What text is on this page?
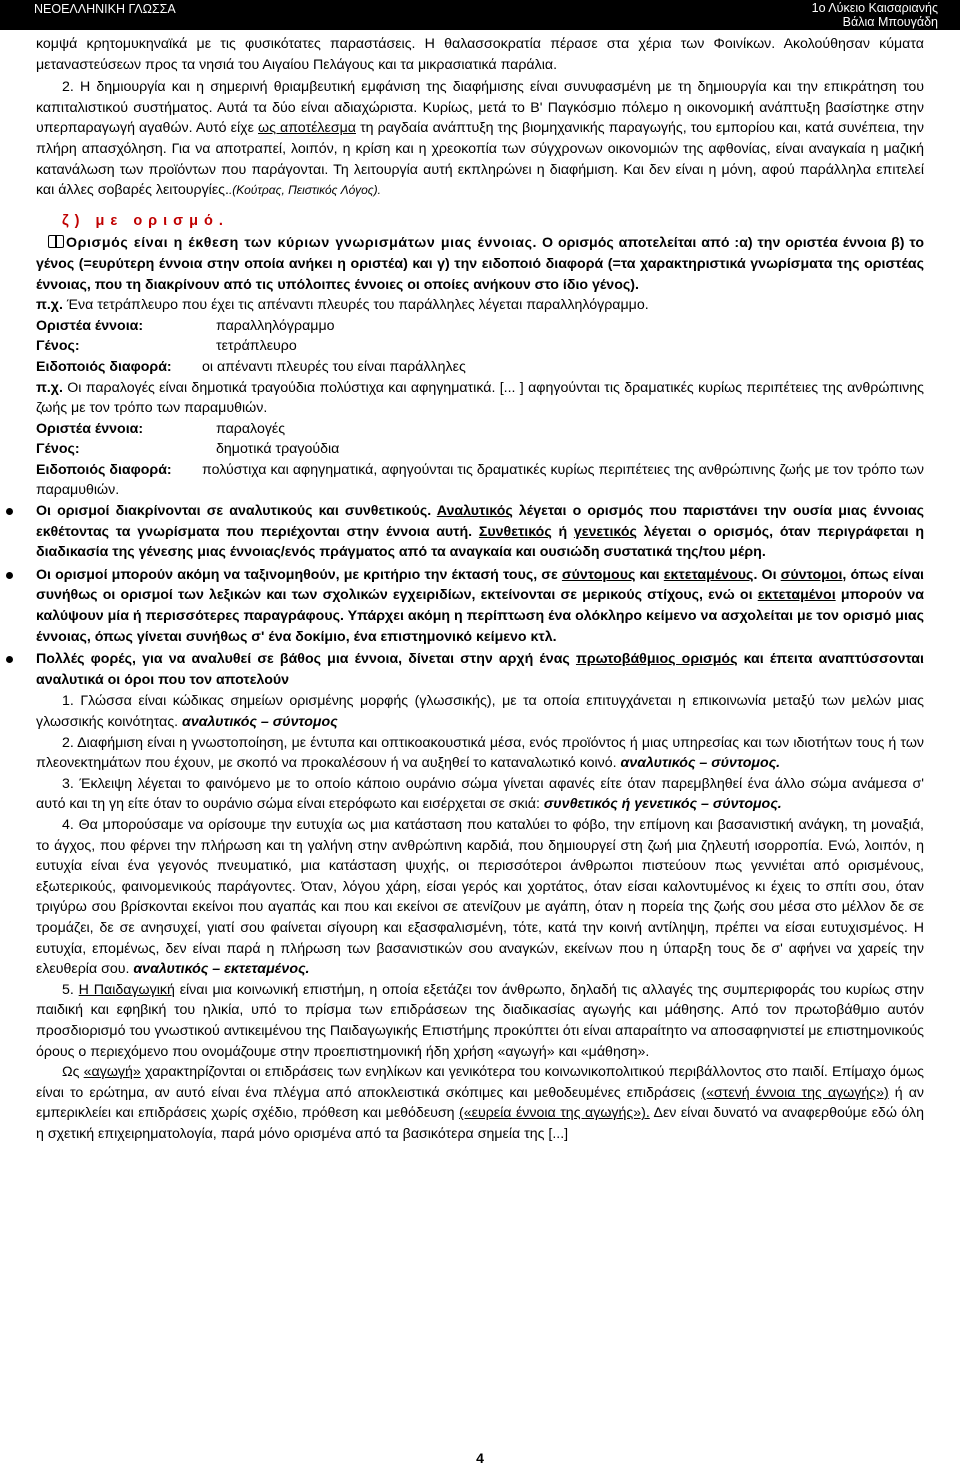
ΝΕΟΕΛΛΗΝΙΚΗ ΓΛΩΣΣΑ	1ο Λύκειο Καισαριανής
Βάλια Μπουγάδη

κομψά κρητομυκηναϊκά με τις φυσικότατες παραστάσεις. Η θαλασσοκρατία πέρασε στα χέρια των Φοινίκων. Ακολούθησαν κύματα μεταναστεύσεων προς τα νησιά του Αιγαίου Πελάγους και τα μικρασιατικά παράλια.

2. Η δημιουργία και η σημερινή θριαμβευτική εμφάνιση της διαφήμισης είναι συνυφασμένη με τη δημιουργία και την επικράτηση του καπιταλιστικού συστήματος. Αυτά τα δύο είναι αδιαχώριστα. Κυρίως, μετά το Β' Παγκόσμιο πόλεμο η οικονομική ανάπτυξη βασίστηκε στην υπερπαραγωγή αγαθών. Αυτό είχε ως αποτέλεσμα τη ραγδαία ανάπτυξη της βιομηχανικής παραγωγής, του εμπορίου και, κατά συνέπεια, την πλήρη απασχόληση. Για να αποτραπεί, λοιπόν, η κρίση και η χρεοκοπία των σύγχρονων οικονομιών της αφθονίας, είναι αναγκαία η μαζική κατανάλωση των προϊόντων που παράγονται. Τη λειτουργία αυτή εκπληρώνει η διαφήμιση. Και δεν είναι η μόνη, αφού παράλληλα επιτελεί και άλλες σοβαρές λειτουργίες..(Κούτρας, Πειστικός Λόγος).

ζ) με ορισμό.

Ορισμός είναι η έκθεση των κύριων γνωρισμάτων μιας έννοιας. Ο ορισμός αποτελείται από :α) την οριστέα έννοια β) το γένος (=ευρύτερη έννοια στην οποία ανήκει η οριστέα) και γ) την ειδοποιό διαφορά (=τα χαρακτηριστικά γνωρίσματα της οριστέας έννοιας, που τη διακρίνουν από τις υπόλοιπες έννοιες οι οποίες ανήκουν στο ίδιο γένος).

π.χ. Ένα τετράπλευρο που έχει τις απέναντι πλευρές του παράλληλες λέγεται παραλληλόγραμμο.

Οριστέα έννοια:	παραλληλόγραμμο
Γένος:	τετράπλευρο
Ειδοποιός διαφορά:	οι απέναντι πλευρές του είναι παράλληλες

π.χ. Οι παραλογές είναι δημοτικά τραγούδια πολύστιχα και αφηγηματικά. [... ] αφηγούνται τις δραματικές κυρίως περιπέτειες της ανθρώπινης ζωής με τον τρόπο των παραμυθιών.

Οριστέα έννοια:	παραλογές
Γένος:	δημοτικά τραγούδια

Ειδοποιός διαφορά: πολύστιχα και αφηγηματικά, αφηγούνται τις δραματικές κυρίως περιπέτειες της ανθρώπινης ζωής με τον τρόπο των παραμυθιών.

Οι ορισμοί διακρίνονται σε αναλυτικούς και συνθετικούς. Αναλυτικός λέγεται ο ορισμός που παριστάνει την ουσία μιας έννοιας εκθέτοντας τα γνωρίσματα που περιέχονται στην έννοια αυτή. Συνθετικός ή γενετικός λέγεται ο ορισμός, όταν περιγράφεται η διαδικασία της γένεσης μιας έννοιας/ενός πράγματος από τα αναγκαία και ουσιώδη συστατικά της/του μέρη.

Οι ορισμοί μπορούν ακόμη να ταξινομηθούν, με κριτήριο την έκτασή τους, σε σύντομους και εκτεταμένους. Οι σύντομοι, όπως είναι συνήθως οι ορισμοί των λεξικών και των σχολικών εγχειριδίων, εκτείνονται σε μερικούς στίχους, ενώ οι εκτεταμένοι μπορούν να καλύψουν μία ή περισσότερες παραγράφους. Υπάρχει ακόμη η περίπτωση ένα ολόκληρο κείμενο να ασχολείται με τον ορισμό μιας έννοιας, όπως γίνεται συνήθως σ' ένα δοκίμιο, ένα επιστημονικό κείμενο κτλ.

Πολλές φορές, για να αναλυθεί σε βάθος μια έννοια, δίνεται στην αρχή ένας πρωτοβάθμιος ορισμός και έπειτα αναπτύσσονται αναλυτικά οι όροι που τον αποτελούν

1. Γλώσσα είναι κώδικας σημείων ορισμένης μορφής (γλωσσικής), με τα οποία επιτυγχάνεται η επικοινωνία μεταξύ των μελών μιας γλωσσικής κοινότητας. αναλυτικός – σύντομος

2. Διαφήμιση είναι η γνωστοποίηση, με έντυπα και οπτικοακουστικά μέσα, ενός προϊόντος ή μιας υπηρεσίας και των ιδιοτήτων τους ή των πλεονεκτημάτων που έχουν, με σκοπό να προκαλέσουν ή να αυξηθεί το καταναλωτικό κοινό. αναλυτικός – σύντομος.

3. Έκλειψη λέγεται το φαινόμενο με το οποίο κάποιο ουράνιο σώμα γίνεται αφανές είτε όταν παρεμβληθεί ένα άλλο σώμα ανάμεσα σ' αυτό και τη γη είτε όταν το ουράνιο σώμα είναι ετερόφωτο και εισέρχεται σε σκιά: συνθετικός ή γενετικός – σύντομος.

4. Θα μπορούσαμε να ορίσουμε την ευτυχία ως μια κατάσταση που καταλύει το φόβο, την επίμονη και βασανιστική ανάγκη, τη μοναξιά, το άγχος, που φέρνει την πλήρωση και τη γαλήνη στην ανθρώπινη καρδιά, που δημιουργεί στη ζωή μια ζηλευτή ισορροπία. Ενώ, λοιπόν, η ευτυχία είναι ένα γεγονός πνευματικό, μια κατάσταση ψυχής, οι περισσότεροι άνθρωποι πιστεύουν πως γεννιέται από ορισμένους, εξωτερικούς, φαινομενικούς παράγοντες. Όταν, λόγου χάρη, είσαι γερός και χορτάτος, όταν είσαι καλοντυμένος κι έχεις το σπίτι σου, όταν τριγύρω σου βρίσκονται εκείνοι που αγαπάς και που και εκείνοι σε ατενίζουν με αγάπη, όταν η πορεία της ζωής σου μέσα στο μέλλον δε σε τρομάζει, δε σε ανησυχεί, γιατί σου φαίνεται σίγουρη και εξασφαλισμένη, τότε, κατά την κοινή αντίληψη, πρέπει να είσαι ευτυχισμένος. Η ευτυχία, επομένως, δεν είναι παρά η πλήρωση των βασανιστικών σου αναγκών, εκείνων που η ύπαρξη τους δε σ' αφήνει να χαρείς την ελευθερία σου. αναλυτικός – εκτεταμένος.

5. Η Παιδαγωγική είναι μια κοινωνική επιστήμη, η οποία εξετάζει τον άνθρωπο, δηλαδή τις αλλαγές της συμπεριφοράς του κυρίως στην παιδική και εφηβική του ηλικία, υπό το πρίσμα των επιδράσεων της διαδικασίας αγωγής και μάθησης. Από τον πρωτοβάθμιο αυτόν προσδιορισμό του γνωστικού αντικειμένου της Παιδαγωγικής Επιστήμης προκύπτει ότι είναι απαραίτητο να αποσαφηνιστεί με επιστημονικούς όρους ο περιεχόμενο που ονομάζουμε στην προεπιστημονική ήδη χρήση «αγωγή» και «μάθηση».

Ως «αγωγή» χαρακτηρίζονται οι επιδράσεις των ενηλίκων και γενικότερα του κοινωνικοπολιτικού περιβάλλοντος στο παιδί. Επίμαχο όμως είναι το ερώτημα, αν αυτό είναι ένα πλέγμα από αποκλειστικά σκόπιμες και μεθοδευμένες επιδράσεις («στενή έννοια της αγωγής») ή αν εμπερικλείει και επιδράσεις χωρίς σχέδιο, πρόθεση και μεθόδευση («ευρεία έννοια της αγωγής»). Δεν είναι δυνατό να αναφερθούμε εδώ όλη η σχετική επιχειρηματολογία, παρά μόνο ορισμένα από τα βασικότερα σημεία της [...]

4
